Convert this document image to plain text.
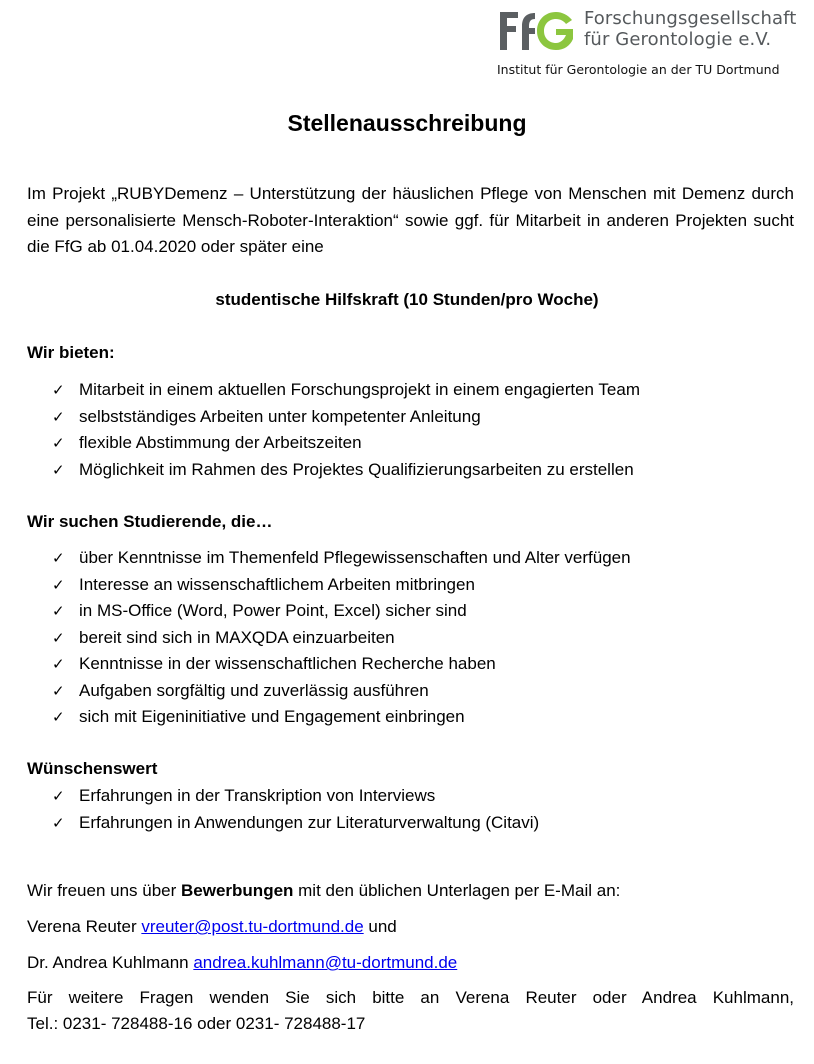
Forschungsgesellschaft
für Gerontologie e.V.
Institut für Gerontologie an der TU Dortmund
Stellenausschreibung

Im Projekt „RUBYDemenz – Unterstützung der häuslichen Pflege von Menschen mit Demenz durch eine personalisierte Mensch-Roboter-Interaktion“ sowie ggf. für Mitarbeit in anderen Projekten sucht die FfG ab 01.04.2020 oder später eine

studentische Hilfskraft (10 Stunden/pro Woche)

Wir bieten:

✓ Mitarbeit in einem aktuellen Forschungsprojekt in einem engagierten Team
✓ selbstständiges Arbeiten unter kompetenter Anleitung
✓ flexible Abstimmung der Arbeitszeiten
✓ Möglichkeit im Rahmen des Projektes Qualifizierungsarbeiten zu erstellen

Wir suchen Studierende, die…

✓ über Kenntnisse im Themenfeld Pflegewissenschaften und Alter verfügen
✓ Interesse an wissenschaftlichem Arbeiten mitbringen
✓ in MS-Office (Word, Power Point, Excel) sicher sind
✓ bereit sind sich in MAXQDA einzuarbeiten
✓ Kenntnisse in der wissenschaftlichen Recherche haben
✓ Aufgaben sorgfältig und zuverlässig ausführen
✓ sich mit Eigeninitiative und Engagement einbringen

Wünschenswert

✓ Erfahrungen in der Transkription von Interviews
✓ Erfahrungen in Anwendungen zur Literaturverwaltung (Citavi)

Wir freuen uns über Bewerbungen mit den üblichen Unterlagen per E-Mail an:

Verena Reuter vreuter@post.tu-dortmund.de und

Dr. Andrea Kuhlmann andrea.kuhlmann@tu-dortmund.de

Für weitere Fragen wenden Sie sich bitte an Verena Reuter oder Andrea Kuhlmann,
Tel.: 0231- 728488-16 oder 0231- 728488-17
